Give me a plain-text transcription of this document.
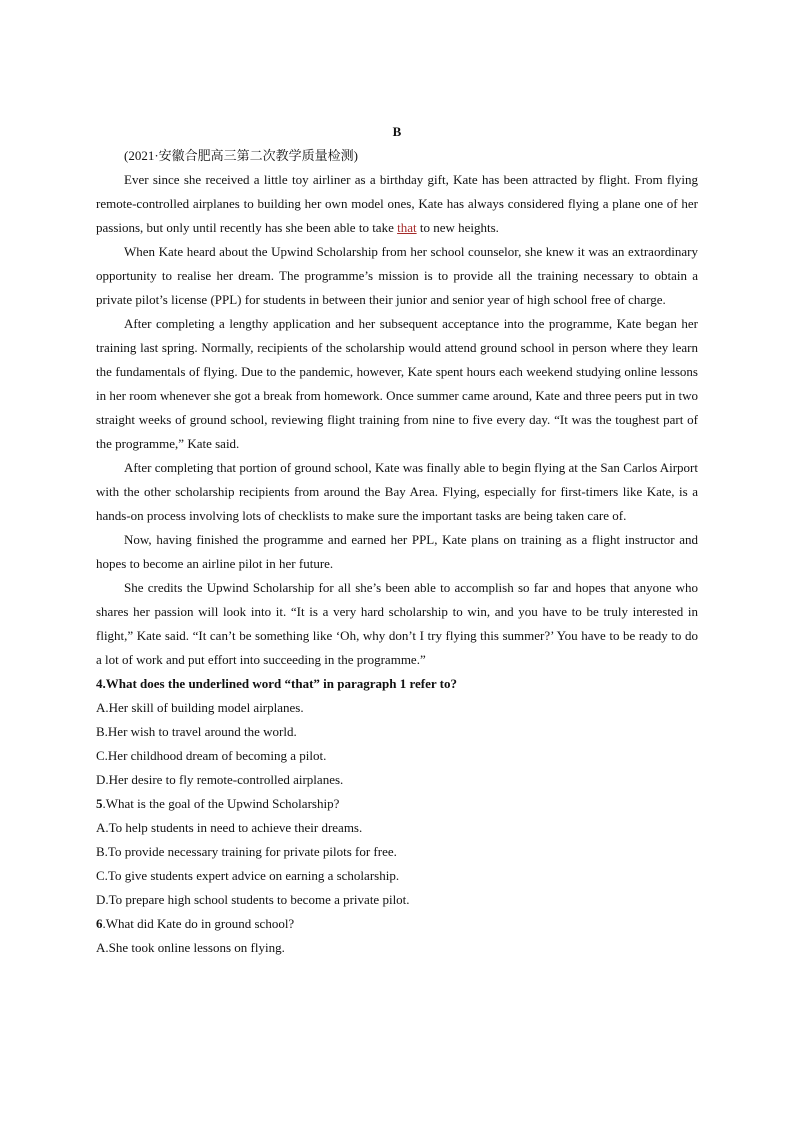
B

(2021·安徽合肥高三第二次教学质量检测)

Ever since she received a little toy airliner as a birthday gift, Kate has been attracted by flight. From flying remote-controlled airplanes to building her own model ones, Kate has always considered flying a plane one of her passions, but only until recently has she been able to take that to new heights.

When Kate heard about the Upwind Scholarship from her school counselor, she knew it was an extraordinary opportunity to realise her dream. The programme’s mission is to provide all the training necessary to obtain a private pilot’s license (PPL) for students in between their junior and senior year of high school free of charge.

After completing a lengthy application and her subsequent acceptance into the programme, Kate began her training last spring. Normally, recipients of the scholarship would attend ground school in person where they learn the fundamentals of flying. Due to the pandemic, however, Kate spent hours each weekend studying online lessons in her room whenever she got a break from homework. Once summer came around, Kate and three peers put in two straight weeks of ground school, reviewing flight training from nine to five every day. “It was the toughest part of the programme,” Kate said.

After completing that portion of ground school, Kate was finally able to begin flying at the San Carlos Airport with the other scholarship recipients from around the Bay Area. Flying, especially for first-timers like Kate, is a hands-on process involving lots of checklists to make sure the important tasks are being taken care of.

Now, having finished the programme and earned her PPL, Kate plans on training as a flight instructor and hopes to become an airline pilot in her future.

She credits the Upwind Scholarship for all she’s been able to accomplish so far and hopes that anyone who shares her passion will look into it. “It is a very hard scholarship to win, and you have to be truly interested in flight,” Kate said. “It can’t be something like ‘Oh, why don’t I try flying this summer?’ You have to be ready to do a lot of work and put effort into succeeding in the programme.”

4.What does the underlined word “that” in paragraph 1 refer to?

A.Her skill of building model airplanes.

B.Her wish to travel around the world.

C.Her childhood dream of becoming a pilot.

D.Her desire to fly remote-controlled airplanes.

5.What is the goal of the Upwind Scholarship?

A.To help students in need to achieve their dreams.

B.To provide necessary training for private pilots for free.

C.To give students expert advice on earning a scholarship.

D.To prepare high school students to become a private pilot.

6.What did Kate do in ground school?

A.She took online lessons on flying.
